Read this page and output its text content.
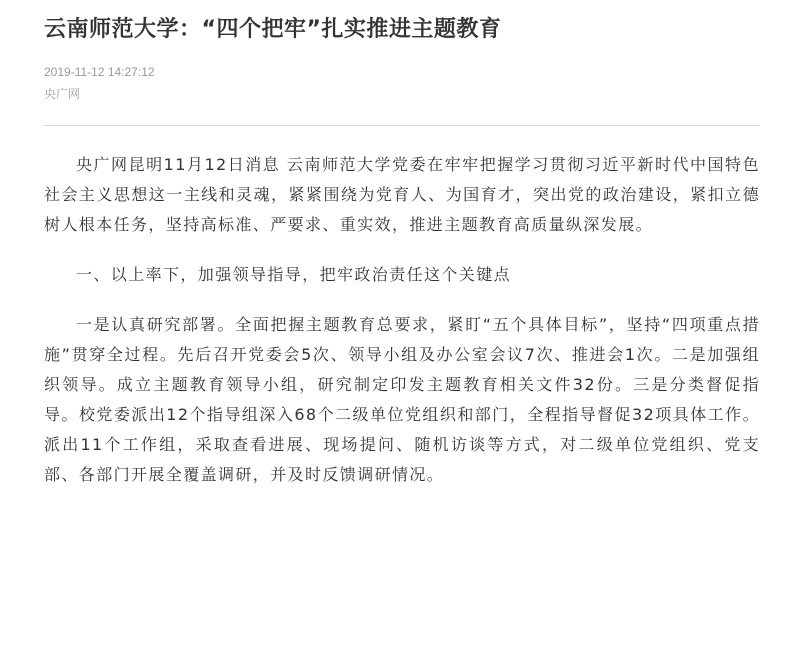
云南师范大学：“四个把牢”扎实推进主题教育
2019-11-12 14:27:12
央广网

央广网昆明11月12日消息 云南师范大学党委在牢牢把握学习贯彻习近平新时代中国特色社会主义思想这一主线和灵魂，紧紧围绕为党育人、为国育才，突出党的政治建设，紧扣立德树人根本任务，坚持高标准、严要求、重实效，推进主题教育高质量纵深发展。

一、以上率下，加强领导指导，把牢政治责任这个关键点

一是认真研究部署。全面把握主题教育总要求，紧盯“五个具体目标”，坚持“四项重点措施”贯穿全过程。先后召开党委会5次、领导小组及办公室会议7次、推进会1次。二是加强组织领导。成立主题教育领导小组，研究制定印发主题教育相关文件32份。三是分类督促指导。校党委派出12个指导组深入68个二级单位党组织和部门，全程指导督促32项具体工作。派出11个工作组，采取查看进展、现场提问、随机访谈等方式，对二级单位党组织、党支部、各部门开展全覆盖调研，并及时反馈调研情况。
